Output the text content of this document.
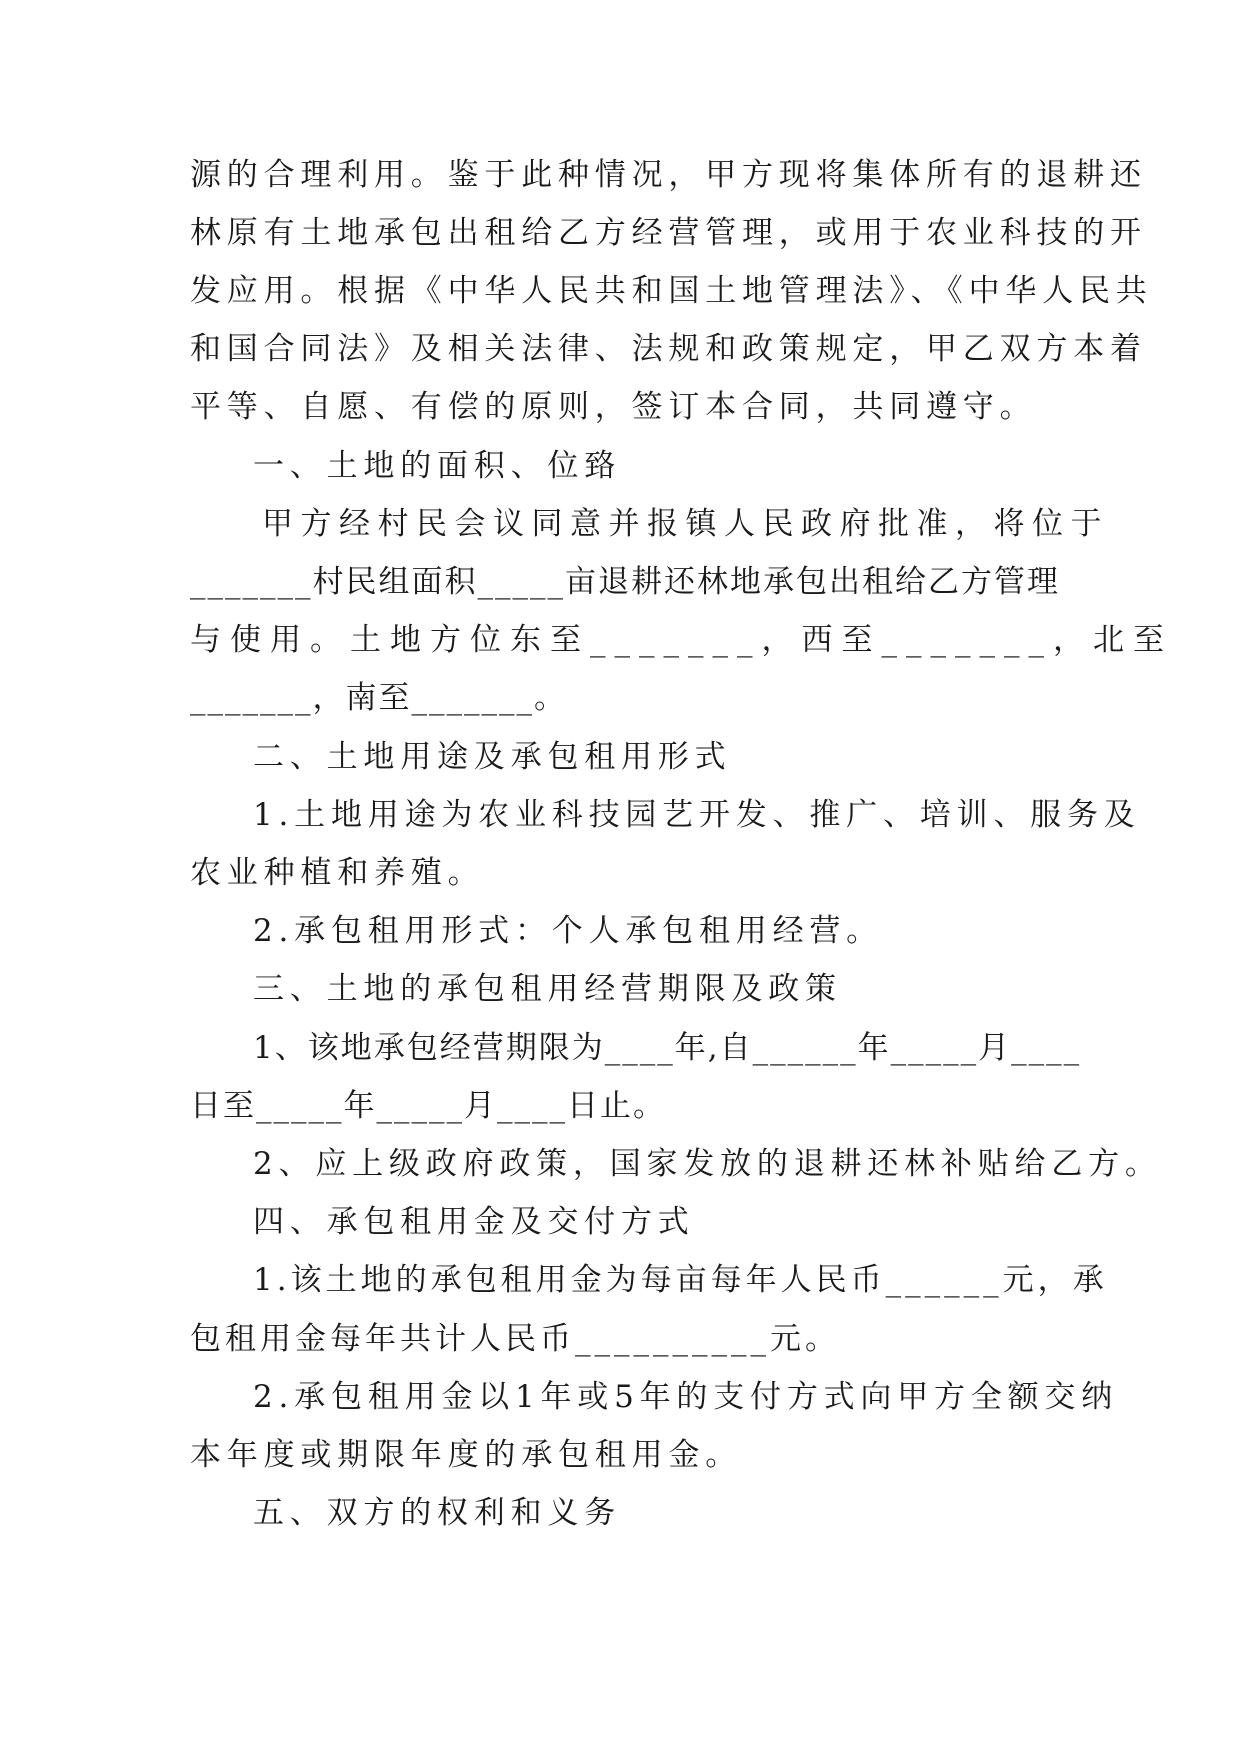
源的合理利用。鉴于此种情况，甲方现将集体所有的退耕还
林原有土地承包出租给乙方经营管理，或用于农业科技的开
发应用。根据《中华人民共和国土地管理法》、《中华人民共
和国合同法》及相关法律、法规和政策规定，甲乙双方本着
平等、自愿、有偿的原则，签订本合同，共同遵守。
一、土地的面积、位臵
甲方经村民会议同意并报镇人民政府批准，将位于
_______村民组面积_____亩退耕还林地承包出租给乙方管理
与使用。土地方位东至_______，西至_______，北至
_______，南至_______。
二、土地用途及承包租用形式
1.土地用途为农业科技园艺开发、推广、培训、服务及
农业种植和养殖。
2.承包租用形式：个人承包租用经营。
三、土地的承包租用经营期限及政策
1、该地承包经营期限为____年,自______年_____月____
日至_____年_____月____日止。
2、应上级政府政策，国家发放的退耕还林补贴给乙方。
四、承包租用金及交付方式
1.该土地的承包租用金为每亩每年人民币______元，承
包租用金每年共计人民币__________元。
2.承包租用金以1年或5年的支付方式向甲方全额交纳
本年度或期限年度的承包租用金。
五、双方的权利和义务
